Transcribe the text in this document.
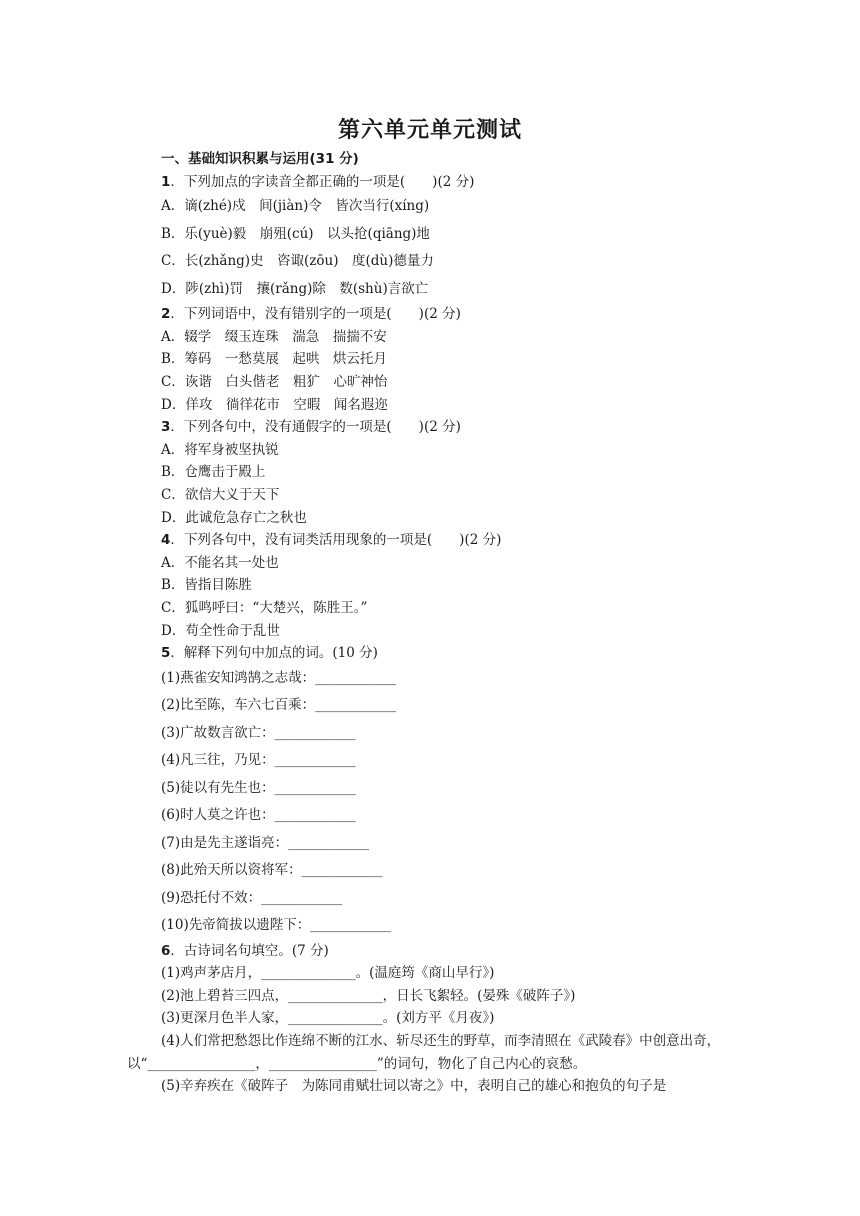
第六单元单元测试
一、基础知识积累与运用(31 分)
1．下列加点的字读音全都正确的一项是(　　)(2 分)
A．谪(zhé)戍　间(jiàn)令　皆次当行(xíng)
B．乐(yuè)毅　崩殂(cú)　以头抢(qiāng)地
C．长(zhǎng)史　咨诹(zōu)　度(dù)德量力
D．陟(zhì)罚　攘(rǎng)除　数(shù)言欲亡
2．下列词语中，没有错别字的一项是(　　)(2 分)
A．辍学　缀玉连珠　湍急　揣揣不安
B．筹码　一愁莫展　起哄　烘云托月
C．诙谐　白头偕老　粗犷　心旷神怡
D．佯攻　徜徉花市　空暇　闻名遐迩
3．下列各句中，没有通假字的一项是(　　)(2 分)
A．将军身被坚执锐
B．仓鹰击于殿上
C．欲信大义于天下
D．此诚危急存亡之秋也
4．下列各句中，没有词类活用现象的一项是(　　)(2 分)
A．不能名其一处也
B．皆指目陈胜
C．狐鸣呼曰：“大楚兴，陈胜王。”
D．苟全性命于乱世
5．解释下列句中加点的词。(10 分)
(1)燕雀安知鸿鹄之志哉：____________
(2)比至陈，车六七百乘：____________
(3)广故数言欲亡：____________
(4)凡三往，乃见：____________
(5)徒以有先生也：____________
(6)时人莫之许也：____________
(7)由是先主遂诣亮：____________
(8)此殆天所以资将军：____________
(9)恐托付不效：____________
(10)先帝简拔以遗陛下：____________
6．古诗词名句填空。(7 分)
(1)鸡声茅店月，______________。(温庭筠《商山早行》)
(2)池上碧苔三四点，______________，日长飞絮轻。(晏殊《破阵子》)
(3)更深月色半人家，______________。(刘方平《月夜》)
(4)人们常把愁怨比作连绵不断的江水、斩尽还生的野草，而李清照在《武陵春》中创意出奇，以“________________，________________”的词句，物化了自己内心的哀愁。
(5)辛弃疾在《破阵子　为陈同甫赋壮词以寄之》中，表明自己的雄心和抱负的句子是
